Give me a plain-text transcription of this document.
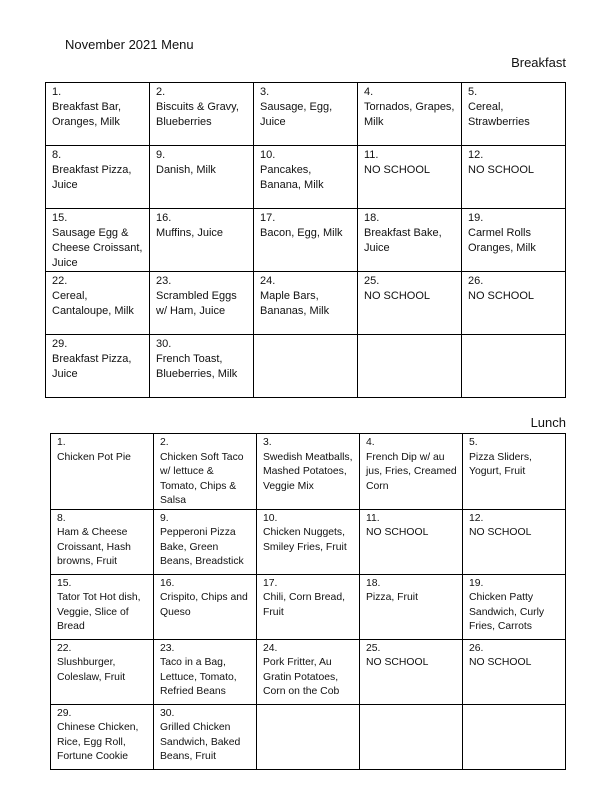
November 2021 Menu
Breakfast
1.
Breakfast Bar, Oranges, Milk	2.
Biscuits & Gravy, Blueberries	3.
Sausage, Egg, Juice	4.
Tornados, Grapes, Milk	5.
Cereal, Strawberries

8.
Breakfast Pizza, Juice	9.
Danish, Milk	10.
Pancakes, Banana, Milk	11.
NO SCHOOL	12.
NO SCHOOL

15.
Sausage Egg & Cheese Croissant, Juice	16.
Muffins, Juice	17.
Bacon, Egg, Milk	18.
Breakfast Bake, Juice	19.
Carmel Rolls Oranges, Milk

22.
Cereal, Cantaloupe, Milk	23.
Scrambled Eggs w/ Ham, Juice	24.
Maple Bars, Bananas, Milk	25.
NO SCHOOL	26.
NO SCHOOL

29.
Breakfast Pizza, Juice	30.
French Toast, Blueberries, Milk			

Lunch
1.
Chicken Pot Pie	2.
Chicken Soft Taco w/ lettuce & Tomato, Chips & Salsa	3.
Swedish Meatballs, Mashed Potatoes, Veggie Mix	4.
French Dip w/ au jus, Fries, Creamed Corn	5.
Pizza Sliders, Yogurt, Fruit

8.
Ham & Cheese Croissant, Hash browns, Fruit	9.
Pepperoni Pizza Bake, Green Beans, Breadstick	10.
Chicken Nuggets, Smiley Fries, Fruit	11.
NO SCHOOL	12.
NO SCHOOL

15.
Tator Tot Hot dish, Veggie, Slice of Bread	16.
Crispito, Chips and Queso	17.
Chili, Corn Bread, Fruit	18.
Pizza, Fruit	19.
Chicken Patty Sandwich, Curly Fries, Carrots

22.
Slushburger, Coleslaw, Fruit	23.
Taco in a Bag, Lettuce, Tomato, Refried Beans	24.
Pork Fritter, Au Gratin Potatoes, Corn on the Cob	25.
NO SCHOOL	26.
NO SCHOOL

29.
Chinese Chicken, Rice, Egg Roll, Fortune Cookie	30.
Grilled Chicken Sandwich, Baked Beans, Fruit			
